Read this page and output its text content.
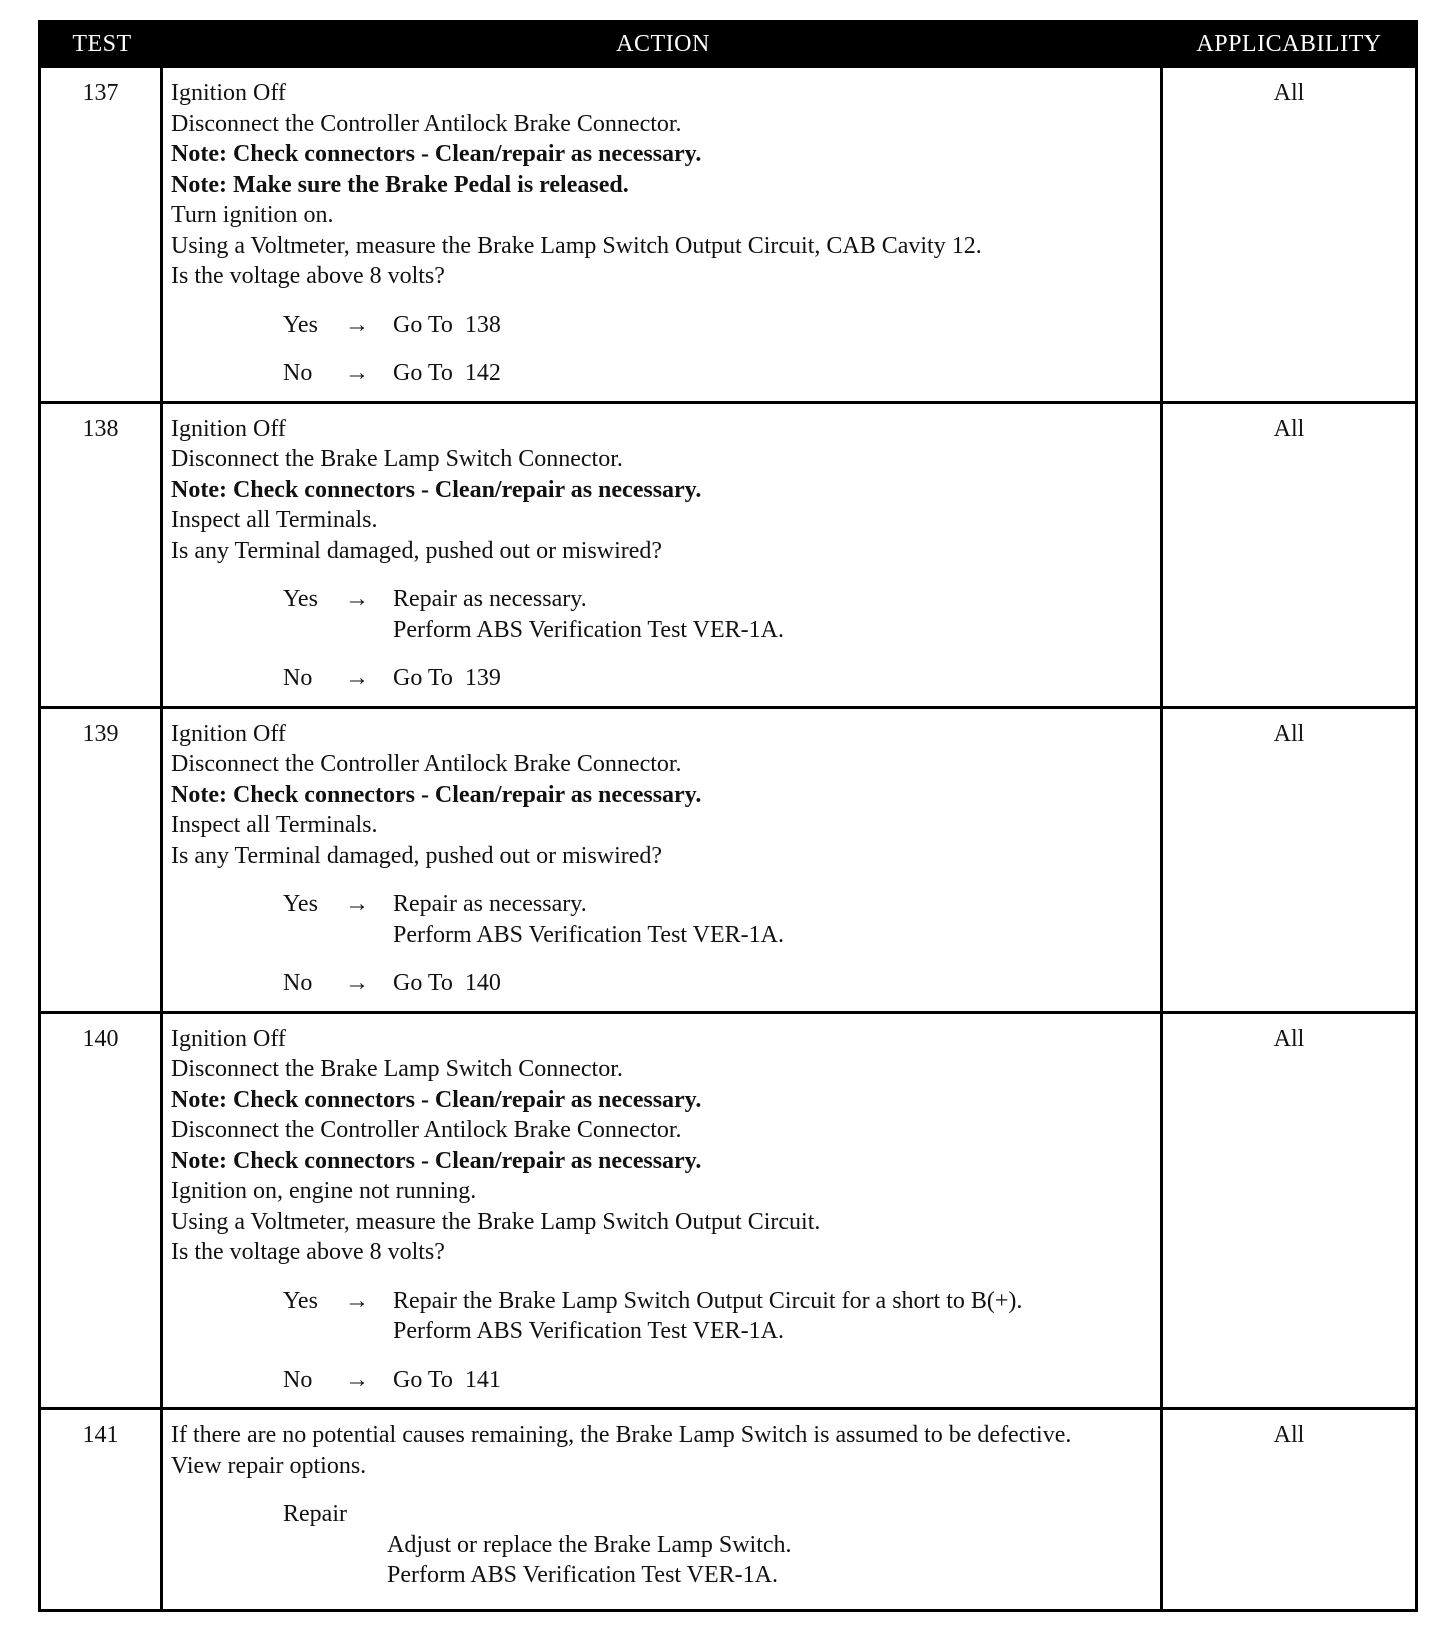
TEST	ACTION	APPLICABILITY
137	Ignition Off
Disconnect the Controller Antilock Brake Connector.
Note: Check connectors - Clean/repair as necessary.
Note: Make sure the Brake Pedal is released.
Turn ignition on.
Using a Voltmeter, measure the Brake Lamp Switch Output Circuit, CAB Cavity 12.
Is the voltage above 8 volts?
Yes	→	Go To  138
No	→	Go To  142
All
138	Ignition Off
Disconnect the Brake Lamp Switch Connector.
Note: Check connectors - Clean/repair as necessary.
Inspect all Terminals.
Is any Terminal damaged, pushed out or miswired?
Yes	→	Repair as necessary.
Perform ABS Verification Test VER-1A.
No	→	Go To  139
All
139	Ignition Off
Disconnect the Controller Antilock Brake Connector.
Note: Check connectors - Clean/repair as necessary.
Inspect all Terminals.
Is any Terminal damaged, pushed out or miswired?
Yes	→	Repair as necessary.
Perform ABS Verification Test VER-1A.
No	→	Go To  140
All
140	Ignition Off
Disconnect the Brake Lamp Switch Connector.
Note: Check connectors - Clean/repair as necessary.
Disconnect the Controller Antilock Brake Connector.
Note: Check connectors - Clean/repair as necessary.
Ignition on, engine not running.
Using a Voltmeter, measure the Brake Lamp Switch Output Circuit.
Is the voltage above 8 volts?
Yes	→	Repair the Brake Lamp Switch Output Circuit for a short to B(+).
Perform ABS Verification Test VER-1A.
No	→	Go To  141
All
141	If there are no potential causes remaining, the Brake Lamp Switch is assumed to be defective.
View repair options.
Repair
Adjust or replace the Brake Lamp Switch.
Perform ABS Verification Test VER-1A.
All
